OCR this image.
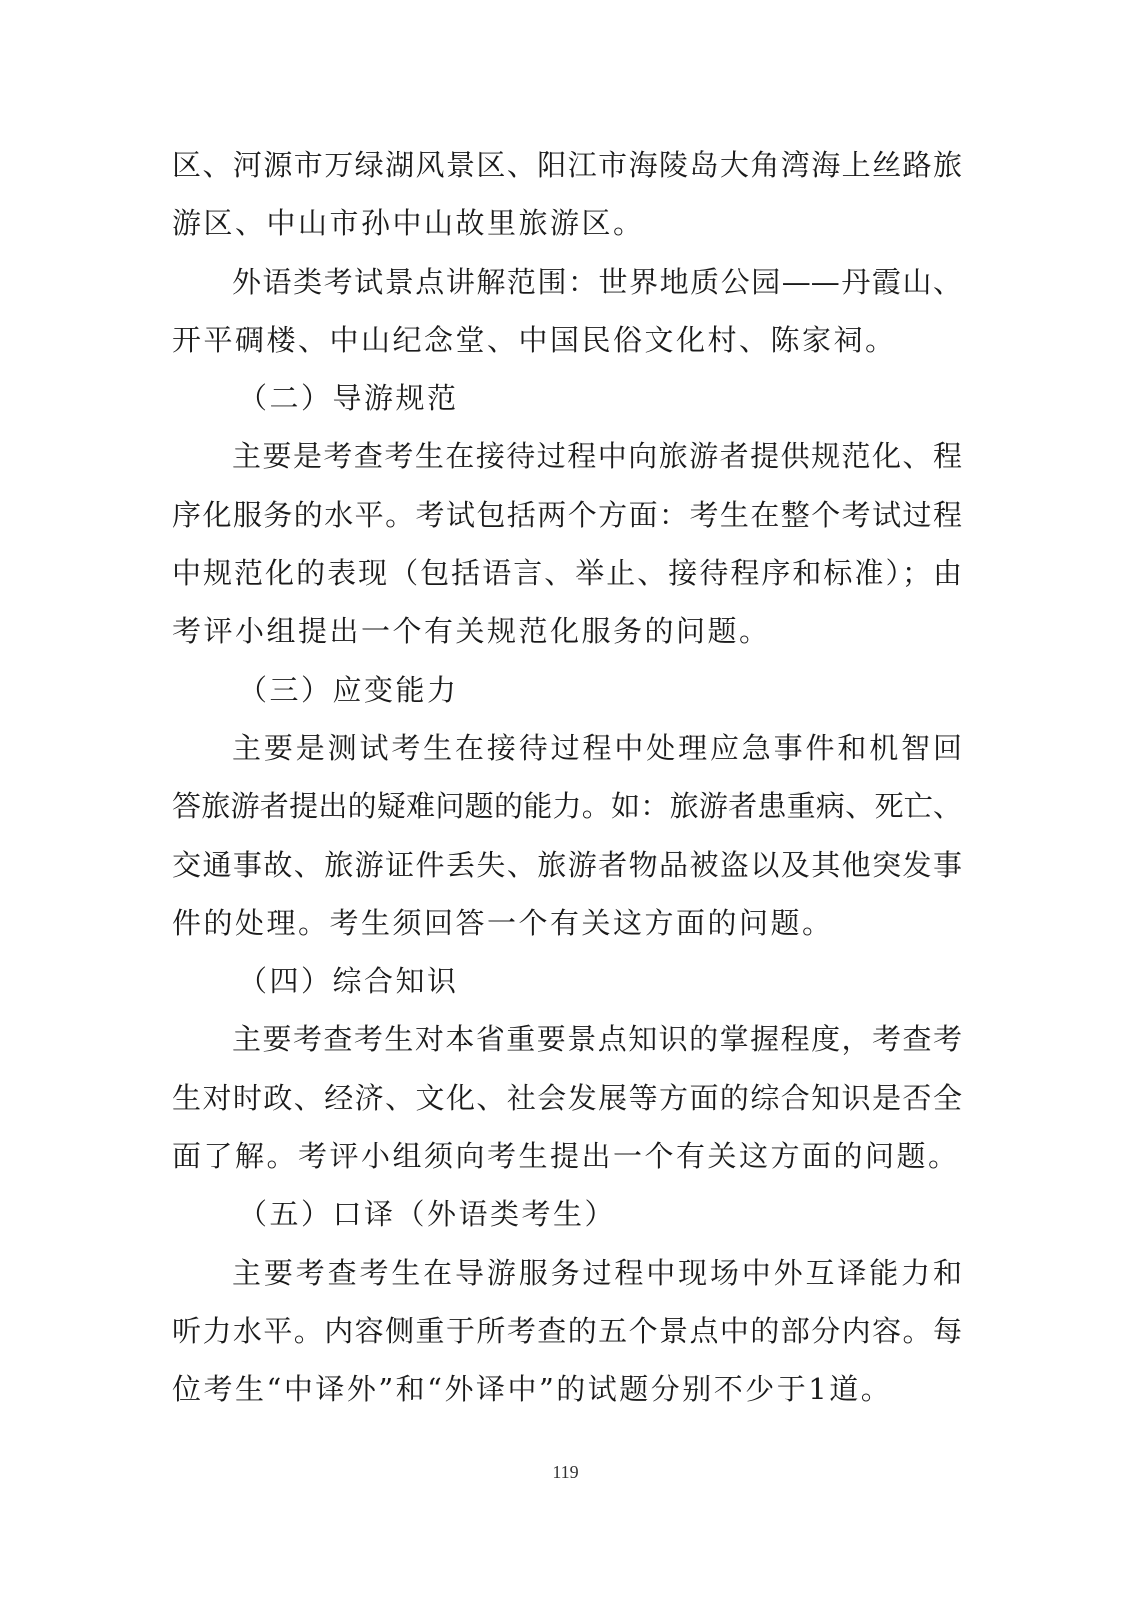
区、河源市万绿湖风景区、阳江市海陵岛大角湾海上丝路旅
游区、中山市孙中山故里旅游区。
外语类考试景点讲解范围：世界地质公园——丹霞山、
开平碉楼、中山纪念堂、中国民俗文化村、陈家祠。
（二）导游规范
主要是考查考生在接待过程中向旅游者提供规范化、程
序化服务的水平。考试包括两个方面：考生在整个考试过程
中规范化的表现（包括语言、举止、接待程序和标准）；由
考评小组提出一个有关规范化服务的问题。
（三）应变能力
主要是测试考生在接待过程中处理应急事件和机智回
答旅游者提出的疑难问题的能力。如：旅游者患重病、死亡、
交通事故、旅游证件丢失、旅游者物品被盗以及其他突发事
件的处理。考生须回答一个有关这方面的问题。
（四）综合知识
主要考查考生对本省重要景点知识的掌握程度，考查考
生对时政、经济、文化、社会发展等方面的综合知识是否全
面了解。考评小组须向考生提出一个有关这方面的问题。
（五）口译（外语类考生）
主要考查考生在导游服务过程中现场中外互译能力和
听力水平。内容侧重于所考查的五个景点中的部分内容。每
位考生“中译外”和“外译中”的试题分别不少于1道。
119
